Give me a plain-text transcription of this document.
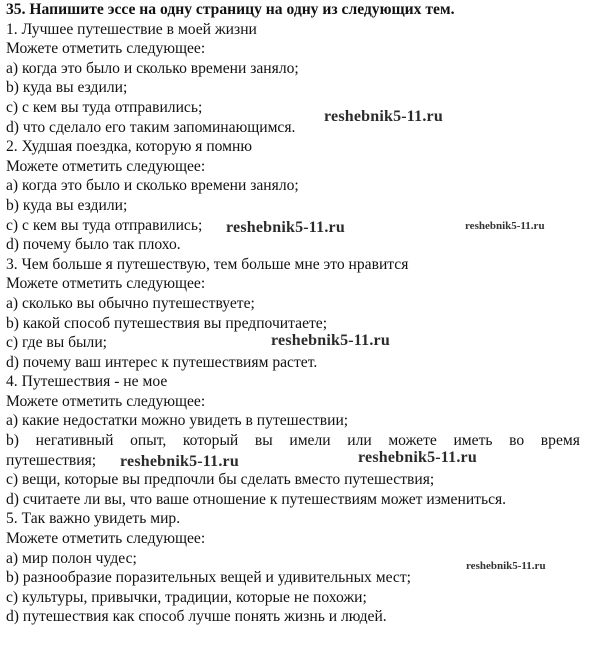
35. Напишите эссе на одну страницу на одну из следующих тем.
1. Лучшее путешествие в моей жизни
Можете отметить следующее:
а) когда это было и сколько времени заняло;
b) куда вы ездили;
с) с кем вы туда отправились;
d) что сделало его таким запоминающимся.
2. Худшая поездка, которую я помню
Можете отметить следующее:
а) когда это было и сколько времени заняло;
b) куда вы ездили;
с) с кем вы туда отправились;
d) почему было так плохо.
3. Чем больше я путешествую, тем больше мне это нравится
Можете отметить следующее:
а) сколько вы обычно путешествуете;
b) какой способ путешествия вы предпочитаете;
с) где вы были;
d) почему ваш интерес к путешествиям растет.
4. Путешествия - не мое
Можете отметить следующее:
а) какие недостатки можно увидеть в путешествии;
b) негативный опыт, который вы имели или можете иметь во время
путешествия;
с) вещи, которые вы предпочли бы сделать вместо путешествия;
d) считаете ли вы, что ваше отношение к путешествиям может измениться.
5. Так важно увидеть мир.
Можете отметить следующее:
а) мир полон чудес;
b) разнообразие поразительных вещей и удивительных мест;
с) культуры, привычки, традиции, которые не похожи;
d) путешествия как способ лучше понять жизнь и людей.
reshebnik5-11.ru
reshebnik5-11.ru	reshebnik5-11.ru
reshebnik5-11.ru
reshebnik5-11.ru	reshebnik5-11.ru
reshebnik5-11.ru
